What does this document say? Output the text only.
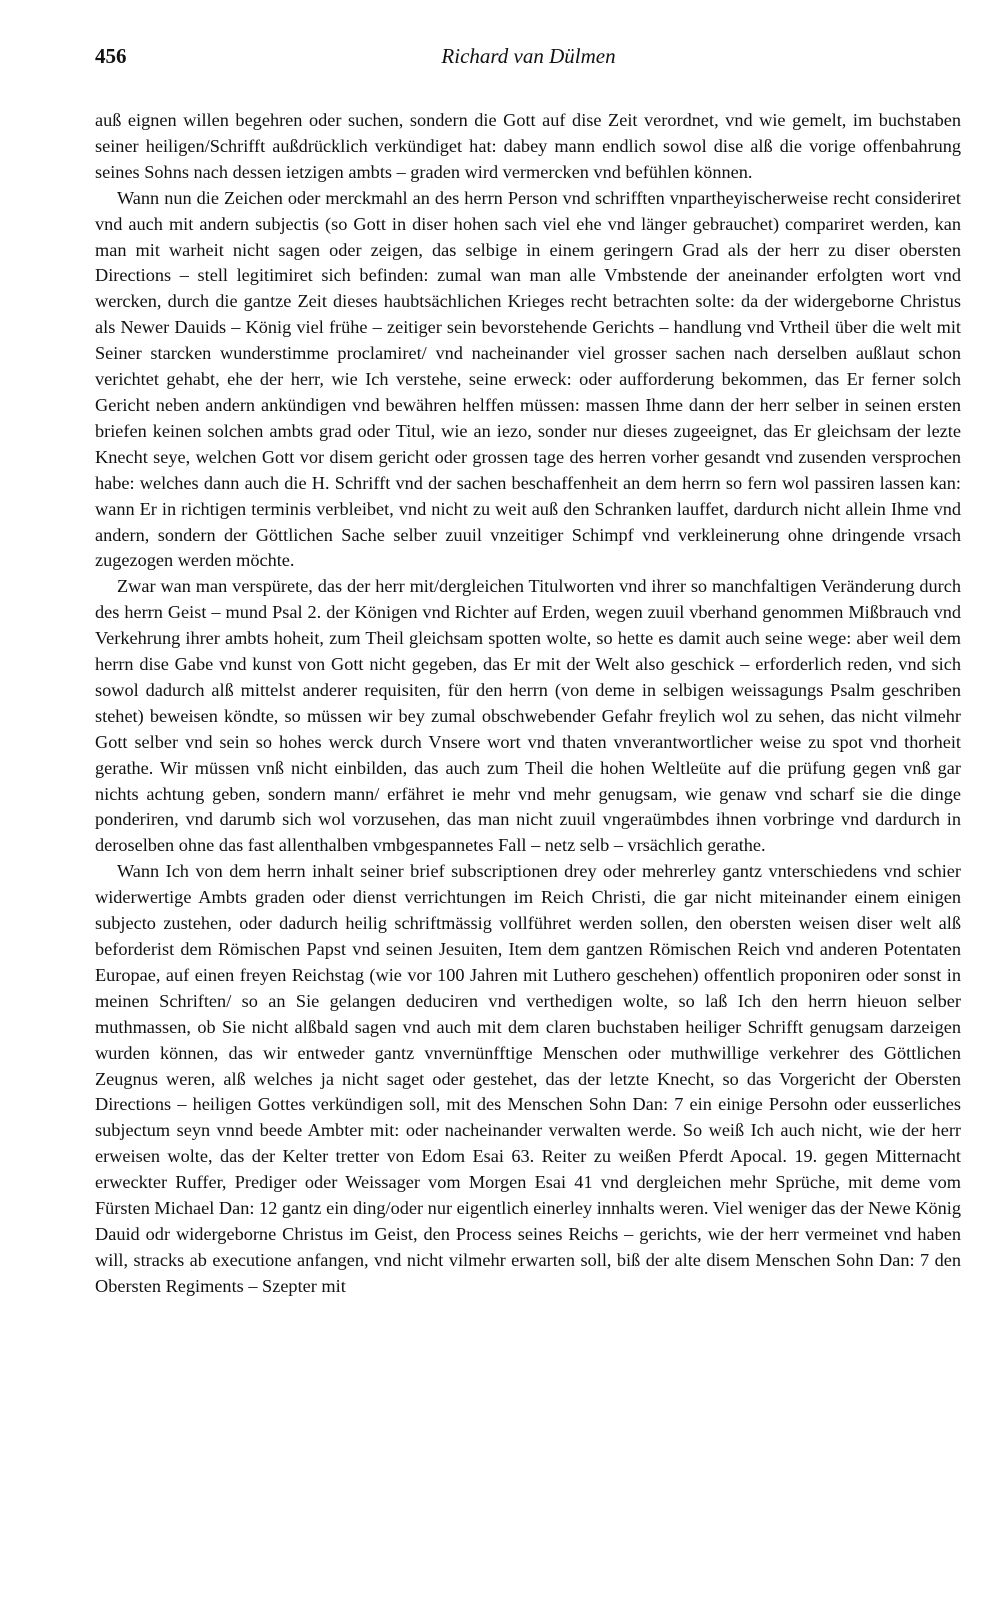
456	Richard van Dülmen

auß eignen willen begehren oder suchen, sondern die Gott auf dise Zeit verordnet, vnd wie gemelt, im buchstaben seiner heiligen/Schrifft außdrücklich verkündiget hat: dabey mann endlich sowol dise alß die vorige offenbahrung seines Sohns nach dessen ietzigen ambts – graden wird vermercken vnd befühlen können.

Wann nun die Zeichen oder merckmahl an des herrn Person vnd schrifften vnpartheyischerweise recht consideriret vnd auch mit andern subjectis (so Gott in diser hohen sach viel ehe vnd länger gebrauchet) compariret werden, kan man mit warheit nicht sagen oder zeigen, das selbige in einem geringern Grad als der herr zu diser obersten Directions – stell legitimiret sich befinden: zumal wan man alle Vmbstende der aneinander erfolgten wort vnd wercken, durch die gantze Zeit dieses haubtsächlichen Krieges recht betrachten solte: da der widergeborne Christus als Newer Dauids – König viel frühe – zeitiger sein bevorstehende Gerichts – handlung vnd Vrtheil über die welt mit Seiner starcken wunderstimme proclamiret/ vnd nacheinander viel grosser sachen nach derselben außlaut schon verichtet gehabt, ehe der herr, wie Ich verstehe, seine erweck: oder aufforderung bekommen, das Er ferner solch Gericht neben andern ankündigen vnd bewähren helffen müssen: massen Ihme dann der herr selber in seinen ersten briefen keinen solchen ambts grad oder Titul, wie an iezo, sonder nur dieses zugeeignet, das Er gleichsam der lezte Knecht seye, welchen Gott vor disem gericht oder grossen tage des herren vorher gesandt vnd zusenden versprochen habe: welches dann auch die H. Schrifft vnd der sachen beschaffenheit an dem herrn so fern wol passiren lassen kan: wann Er in richtigen terminis verbleibet, vnd nicht zu weit auß den Schranken lauffet, dardurch nicht allein Ihme vnd andern, sondern der Göttlichen Sache selber zuuil vnzeitiger Schimpf vnd verkleinerung ohne dringende vrsach zugezogen werden möchte.

Zwar wan man verspürete, das der herr mit/dergleichen Titulworten vnd ihrer so manchfaltigen Veränderung durch des herrn Geist – mund Psal 2. der Königen vnd Richter auf Erden, wegen zuuil vberhand genommen Mißbrauch vnd Verkehrung ihrer ambts hoheit, zum Theil gleichsam spotten wolte, so hette es damit auch seine wege: aber weil dem herrn dise Gabe vnd kunst von Gott nicht gegeben, das Er mit der Welt also geschick – erforderlich reden, vnd sich sowol dadurch alß mittelst anderer requisiten, für den herrn (von deme in selbigen weissagungs Psalm geschriben stehet) beweisen köndte, so müssen wir bey zumal obschwebender Gefahr freylich wol zu sehen, das nicht vilmehr Gott selber vnd sein so hohes werck durch Vnsere wort vnd thaten vnverantwortlicher weise zu spot vnd thorheit gerathe. Wir müssen vnß nicht einbilden, das auch zum Theil die hohen Weltleüte auf die prüfung gegen vnß gar nichts achtung geben, sondern mann/ erfähret ie mehr vnd mehr genugsam, wie genaw vnd scharf sie die dinge ponderiren, vnd darumb sich wol vorzusehen, das man nicht zuuil vngeraümbdes ihnen vorbringe vnd dardurch in deroselben ohne das fast allenthalben vmbgespannetes Fall – netz selb – vrsächlich gerathe.

Wann Ich von dem herrn inhalt seiner brief subscriptionen drey oder mehrerley gantz vnterschiedens vnd schier widerwertige Ambts graden oder dienst verrichtungen im Reich Christi, die gar nicht miteinander einem einigen subjecto zustehen, oder dadurch heilig schriftmässig vollführet werden sollen, den obersten weisen diser welt alß beforderist dem Römischen Papst vnd seinen Jesuiten, Item dem gantzen Römischen Reich vnd anderen Potentaten Europae, auf einen freyen Reichstag (wie vor 100 Jahren mit Luthero geschehen) offentlich proponiren oder sonst in meinen Schriften/ so an Sie gelangen deduciren vnd verthedigen wolte, so laß Ich den herrn hieuon selber muthmassen, ob Sie nicht alßbald sagen vnd auch mit dem claren buchstaben heiliger Schrifft genugsam darzeigen wurden können, das wir entweder gantz vnvernünfftige Menschen oder muthwillige verkehrer des Göttlichen Zeugnus weren, alß welches ja nicht saget oder gestehet, das der letzte Knecht, so das Vorgericht der Obersten Directions – heiligen Gottes verkündigen soll, mit des Menschen Sohn Dan: 7 ein einige Persohn oder eusserliches subjectum seyn vnnd beede Ambter mit: oder nacheinander verwalten werde. So weiß Ich auch nicht, wie der herr erweisen wolte, das der Kelter tretter von Edom Esai 63. Reiter zu weißen Pferdt Apocal. 19. gegen Mitternacht erweckter Ruffer, Prediger oder Weissager vom Morgen Esai 41 vnd dergleichen mehr Sprüche, mit deme vom Fürsten Michael Dan: 12 gantz ein ding/oder nur eigentlich einerley innhalts weren. Viel weniger das der Newe König Dauid odr widergeborne Christus im Geist, den Process seines Reichs – gerichts, wie der herr vermeinet vnd haben will, stracks ab executione anfangen, vnd nicht vilmehr erwarten soll, biß der alte disem Menschen Sohn Dan: 7 den Obersten Regiments – Szepter mit
